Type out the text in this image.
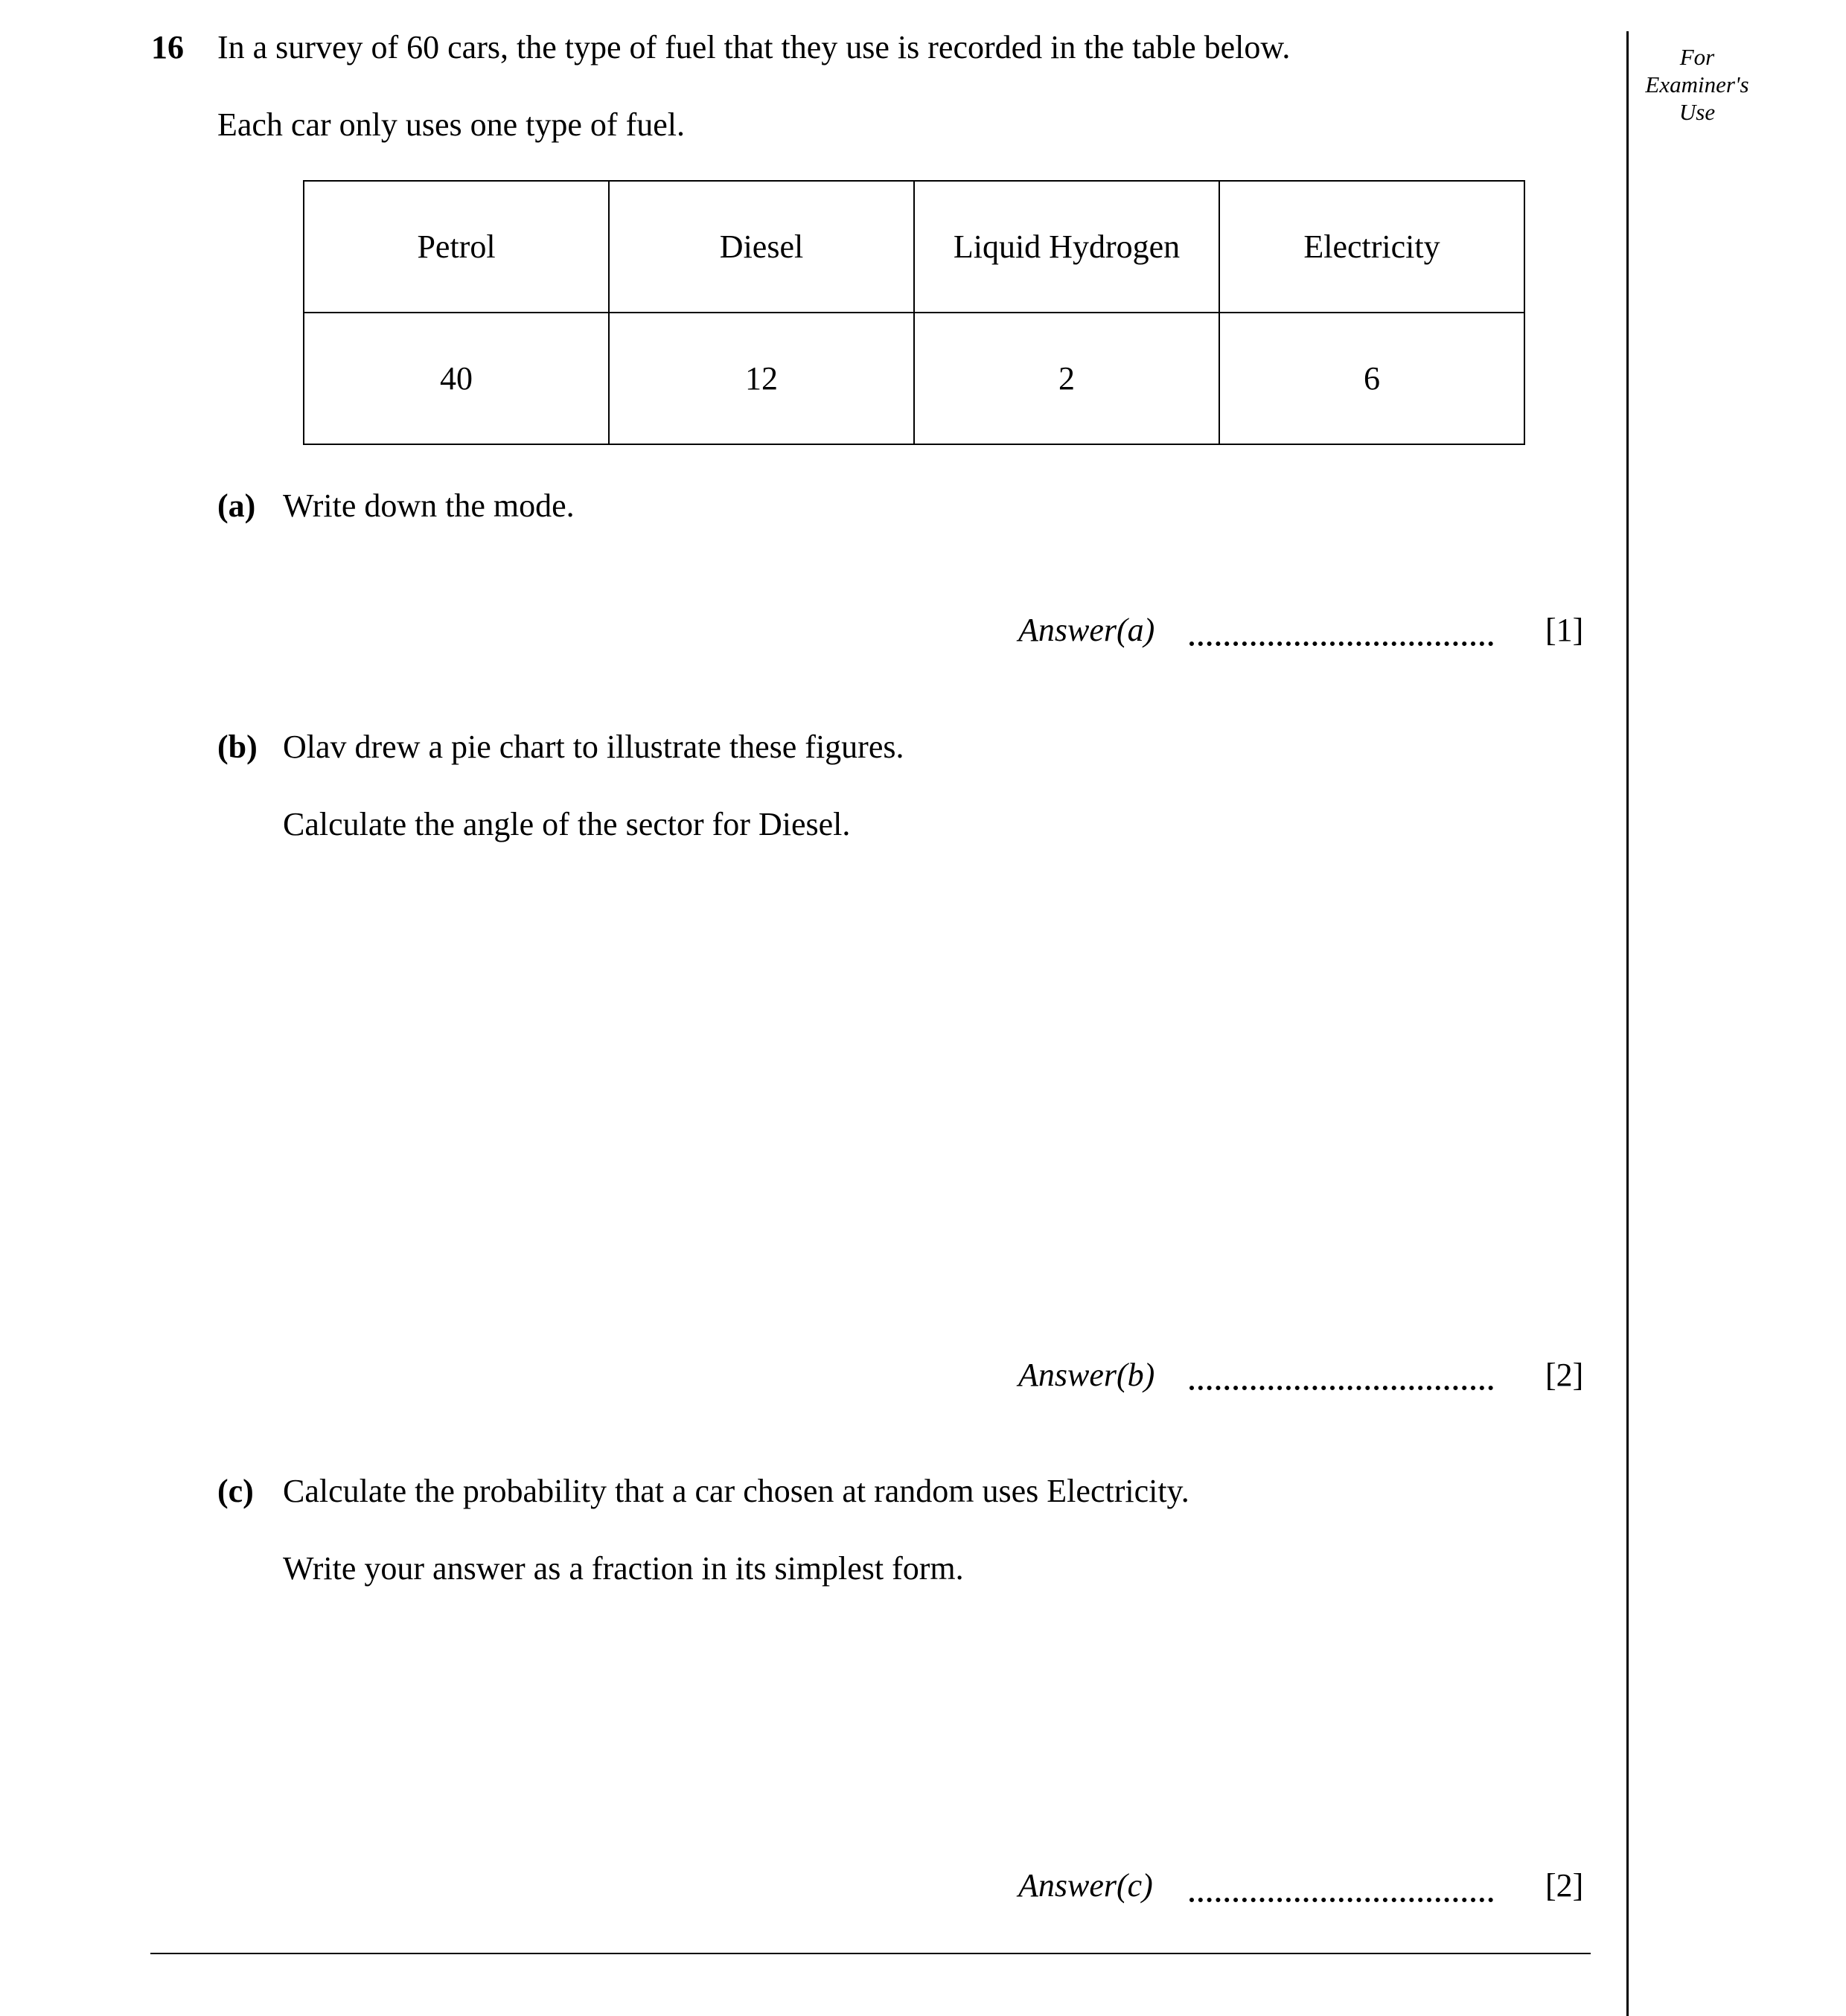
16 In a survey of 60 cars, the type of fuel that they use is recorded in the table below.
Each car only uses one type of fuel.
For
Examiner's
Use
Petrol	Diesel	Liquid Hydrogen	Electricity
40	12	2	6
(a) Write down the mode.
Answer(a)	[1]
(b) Olav drew a pie chart to illustrate these figures.
Calculate the angle of the sector for Diesel.
Answer(b)	[2]
(c) Calculate the probability that a car chosen at random uses Electricity.
Write your answer as a fraction in its simplest form.
Answer(c)	[2]
